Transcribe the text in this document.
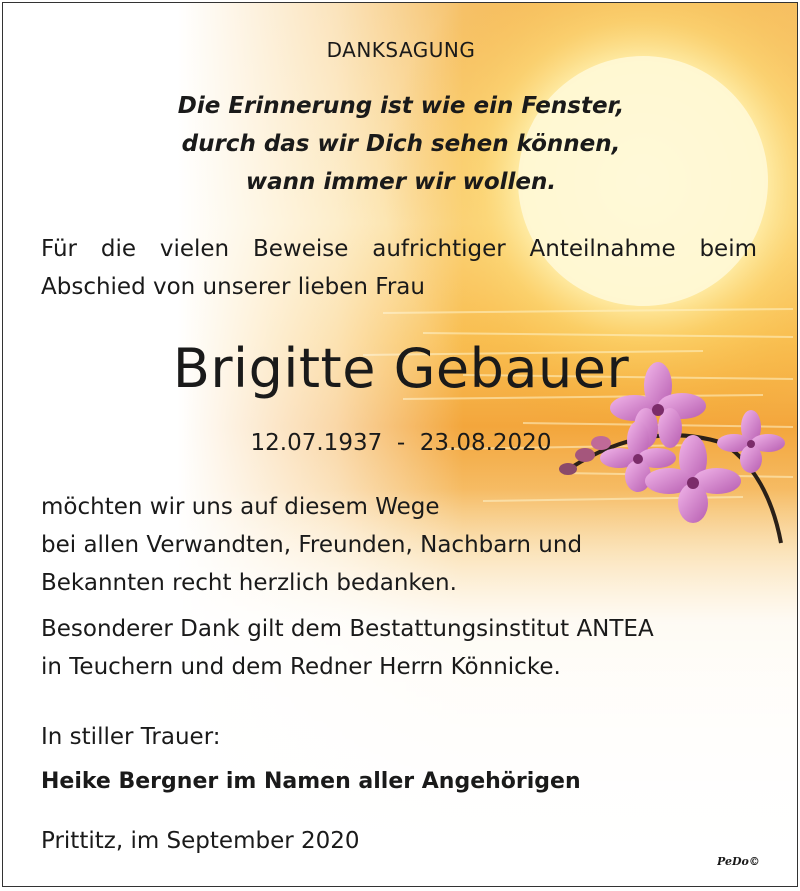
DANKSAGUNG
Die Erinnerung ist wie ein Fenster,
durch das wir Dich sehen können,
wann immer wir wollen.
Für die vielen Beweise aufrichtiger Anteilnahme beim
Abschied von unserer lieben Frau
Brigitte Gebauer
12.07.1937  -  23.08.2020
möchten wir uns auf diesem Wege
bei allen Verwandten, Freunden, Nachbarn und
Bekannten recht herzlich bedanken.
Besonderer Dank gilt dem Bestattungsinstitut ANTEA
in Teuchern und dem Redner Herrn Könnicke.
In stiller Trauer:
Heike Bergner im Namen aller Angehörigen
Prittitz, im September 2020
PeDo©
